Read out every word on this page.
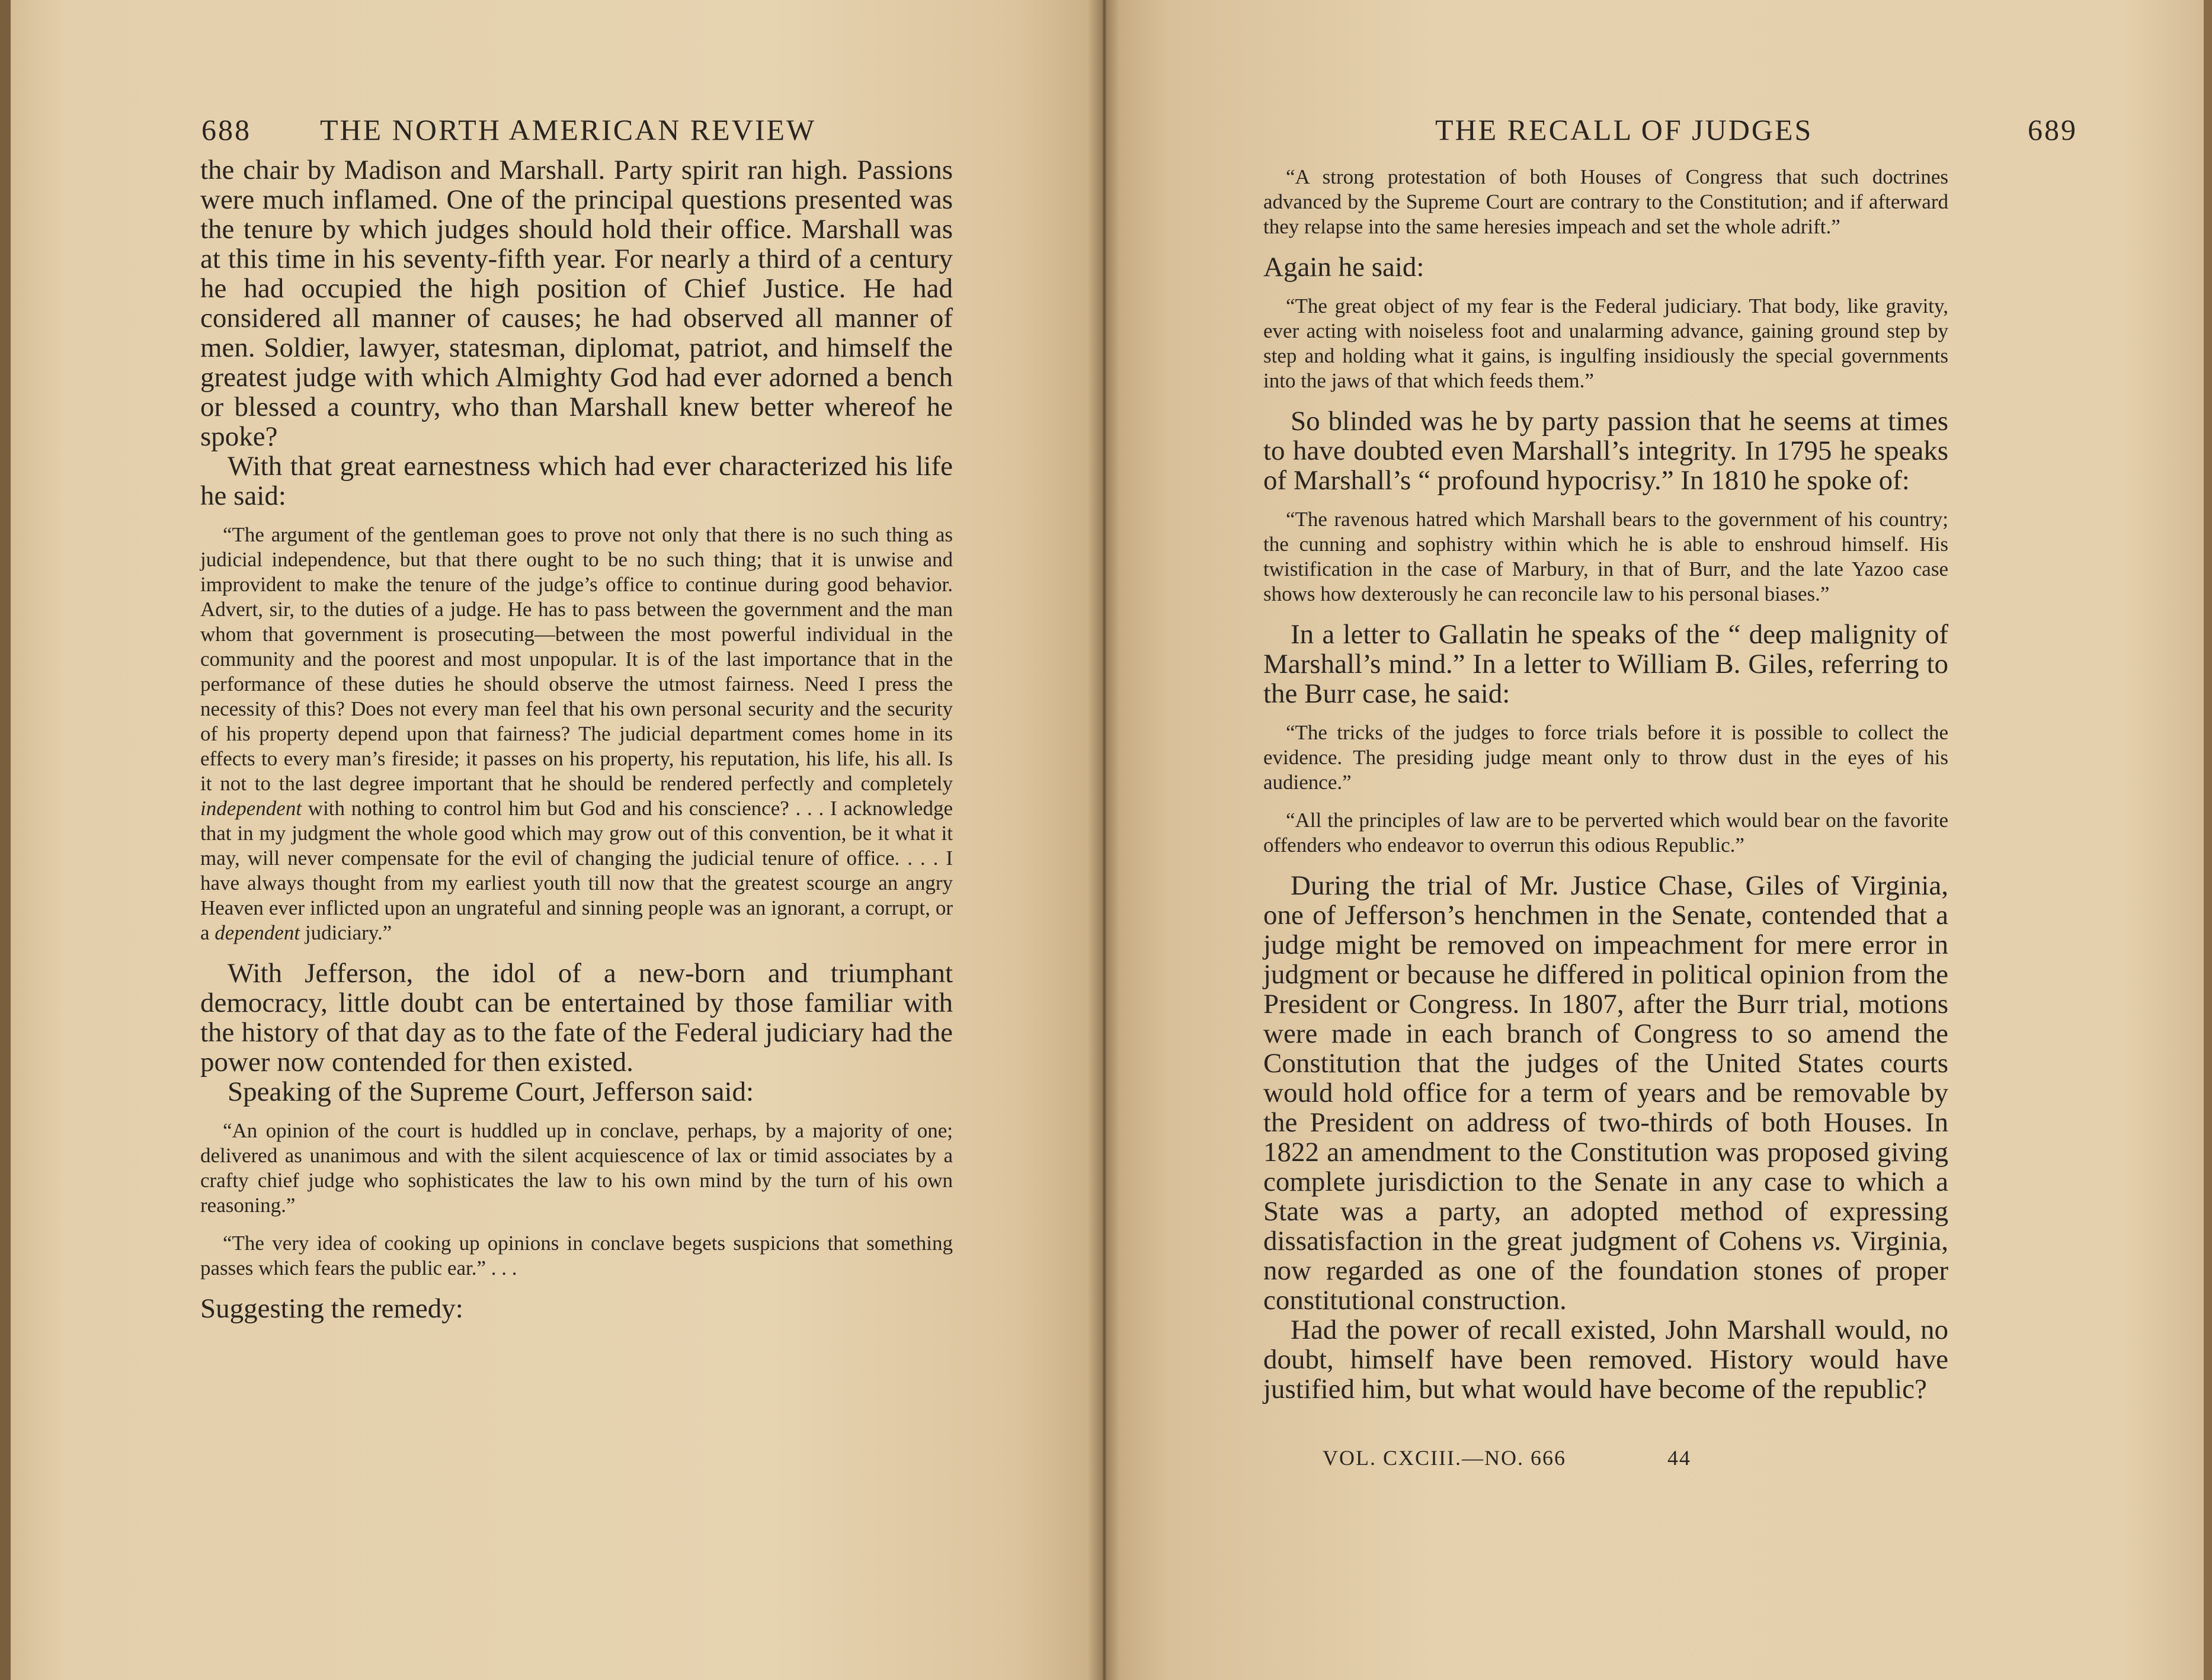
688 THE NORTH AMERICAN REVIEW

the chair by Madison and Marshall. Party spirit ran high. Passions were much inflamed. One of the principal questions presented was the tenure by which judges should hold their office. Marshall was at this time in his seventy-fifth year. For nearly a third of a century he had occupied the high position of Chief Justice. He had considered all manner of causes; he had observed all manner of men. Soldier, lawyer, statesman, diplomat, patriot, and himself the greatest judge with which Almighty God had ever adorned a bench or blessed a country, who than Marshall knew better whereof he spoke?

With that great earnestness which had ever characterized his life he said:

“The argument of the gentleman goes to prove not only that there is no such thing as judicial independence, but that there ought to be no such thing; that it is unwise and improvident to make the tenure of the judge’s office to continue during good behavior. Advert, sir, to the duties of a judge. He has to pass between the government and the man whom that government is prosecuting—between the most powerful individual in the community and the poorest and most unpopular. It is of the last importance that in the performance of these duties he should observe the utmost fairness. Need I press the necessity of this? Does not every man feel that his own personal security and the security of his property depend upon that fairness? The judicial department comes home in its effects to every man’s fireside; it passes on his property, his reputation, his life, his all. Is it not to the last degree important that he should be rendered perfectly and completely independent with nothing to control him but God and his conscience? . . . I acknowledge that in my judgment the whole good which may grow out of this convention, be it what it may, will never compensate for the evil of changing the judicial tenure of office. . . . I have always thought from my earliest youth till now that the greatest scourge an angry Heaven ever inflicted upon an ungrateful and sinning people was an ignorant, a corrupt, or a dependent judiciary.”

With Jefferson, the idol of a new-born and triumphant democracy, little doubt can be entertained by those familiar with the history of that day as to the fate of the Federal judiciary had the power now contended for then existed.

Speaking of the Supreme Court, Jefferson said:

“An opinion of the court is huddled up in conclave, perhaps, by a majority of one; delivered as unanimous and with the silent acquiescence of lax or timid associates by a crafty chief judge who sophisticates the law to his own mind by the turn of his own reasoning.”

“The very idea of cooking up opinions in conclave begets suspicions that something passes which fears the public ear.” . . .

Suggesting the remedy:

THE RECALL OF JUDGES	689

“A strong protestation of both Houses of Congress that such doctrines advanced by the Supreme Court are contrary to the Constitution; and if afterward they relapse into the same heresies impeach and set the whole adrift.”

Again he said:

“The great object of my fear is the Federal judiciary. That body, like gravity, ever acting with noiseless foot and unalarming advance, gaining ground step by step and holding what it gains, is ingulfing insidiously the special governments into the jaws of that which feeds them.”

So blinded was he by party passion that he seems at times to have doubted even Marshall’s integrity. In 1795 he speaks of Marshall’s “ profound hypocrisy.” In 1810 he spoke of:

“The ravenous hatred which Marshall bears to the government of his country; the cunning and sophistry within which he is able to enshroud himself. His twistification in the case of Marbury, in that of Burr, and the late Yazoo case shows how dexterously he can reconcile law to his personal biases.”

In a letter to Gallatin he speaks of the “ deep malignity of Marshall’s mind.” In a letter to William B. Giles, referring to the Burr case, he said:

“The tricks of the judges to force trials before it is possible to collect the evidence. The presiding judge meant only to throw dust in the eyes of his audience.”

“All the principles of law are to be perverted which would bear on the favorite offenders who endeavor to overrun this odious Republic.”

During the trial of Mr. Justice Chase, Giles of Virginia, one of Jefferson’s henchmen in the Senate, contended that a judge might be removed on impeachment for mere error in judgment or because he differed in political opinion from the President or Congress. In 1807, after the Burr trial, motions were made in each branch of Congress to so amend the Constitution that the judges of the United States courts would hold office for a term of years and be removable by the President on address of two-thirds of both Houses. In 1822 an amendment to the Constitution was proposed giving complete jurisdiction to the Senate in any case to which a State was a party, an adopted method of expressing dissatisfaction in the great judgment of Cohens vs. Virginia, now regarded as one of the foundation stones of proper constitutional construction.

Had the power of recall existed, John Marshall would, no doubt, himself have been removed. History would have justified him, but what would have become of the republic?

VOL. CXCIII.—NO. 666	44
